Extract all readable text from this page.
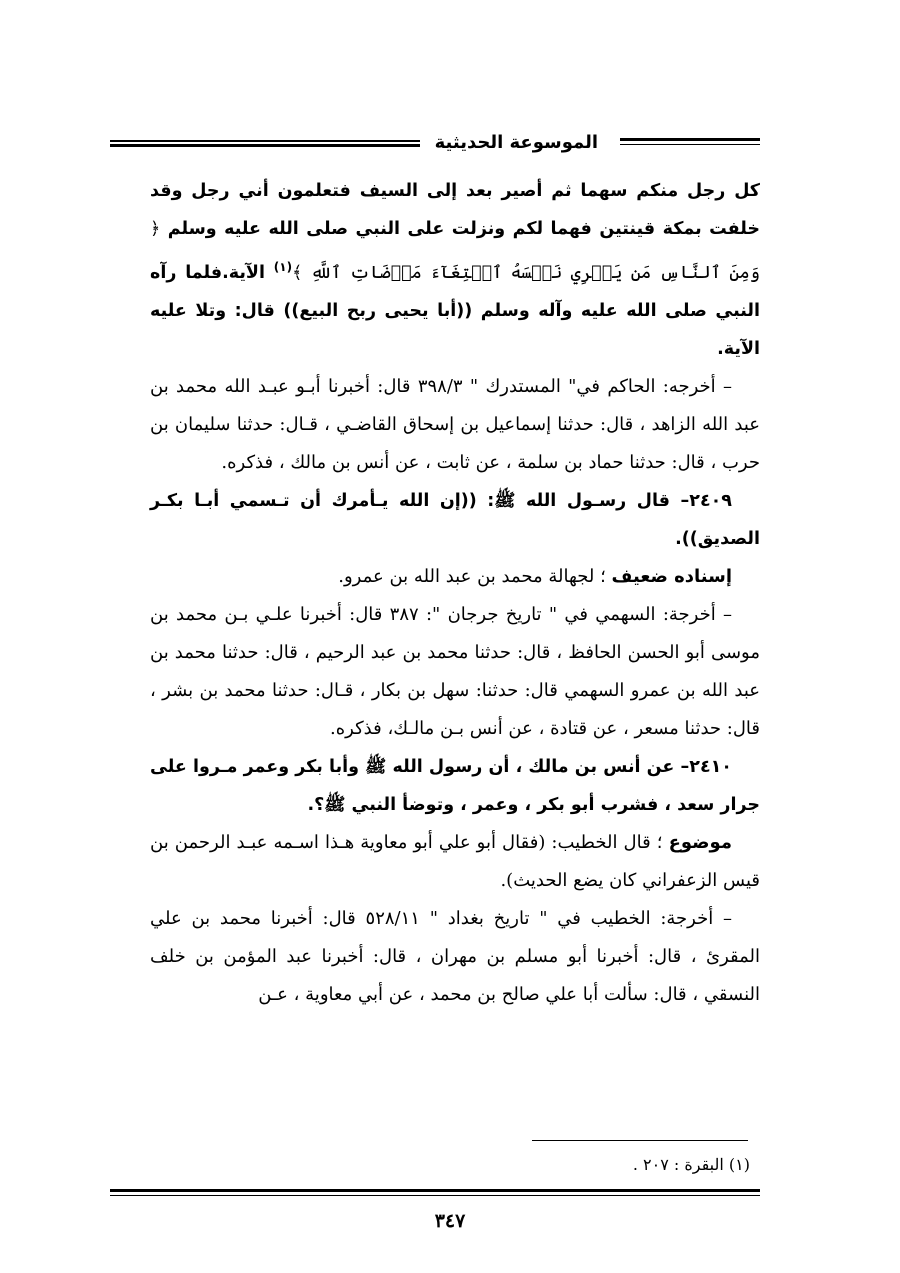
الموسوعة الحديثية

كل رجل منكم سهما ثم أصير بعد إلى السيف فتعلمون أني رجل وقد خلفت بمكة قينتين فهما لكم ونزلت على النبي صلى الله عليه وسلم ﴿ وَمِنَ ٱلنَّاسِ مَن يَشۡرِي نَفۡسَهُ ٱبۡتِغَآءَ مَرۡضَاتِ ٱللَّهِ ﴾$^{(١)}$ الآية.فلما رآه النبي صلى الله عليه وآله وسلم ((أبا يحيى ربح البيع)) قال: وتلا عليه الآية.

– أخرجه: الحاكم في" المستدرك " ٣٩٨/٣ قال: أخبرنا أبـو عبـد الله محمد بن عبد الله الزاهد ، قال: حدثنا إسماعيل بن إسحاق القاضـي ، قـال: حدثنا سليمان بن حرب ، قال: حدثنا حماد بن سلمة ، عن ثابت ، عن أنس بن مالك ، فذكره.

٢٤٠٩– قال رسـول الله ﷺ: ((إن الله يـأمرك أن تـسمي أبـا بكـر الصديق)).

إسناده ضعيف ؛ لجهالة محمد بن عبد الله بن عمرو.

– أخرجة: السهمي في " تاريخ جرجان ": ٣٨٧ قال: أخبرنا علـي بـن محمد بن موسى أبو الحسن الحافظ ، قال: حدثنا محمد بن عبد الرحيم ، قال: حدثنا محمد بن عبد الله بن عمرو السهمي قال: حدثنا: سهل بن بكار ، قـال: حدثنا محمد بن بشر ، قال: حدثنا مسعر ، عن قتادة ، عن أنس بـن مالـك، فذكره.

٢٤١٠– عن أنس بن مالك ، أن رسول الله ﷺ وأبا بكر وعمر مـروا على جرار سعد ، فشرب أبو بكر ، وعمر ، وتوضأ النبي ﷺ؟.

موضوع ؛ قال الخطيب: (فقال أبو علي أبو معاوية هـذا اسـمه عبـد الرحمن بن قيس الزعفراني كان يضع الحديث).

– أخرجة: الخطيب في " تاريخ بغداد " ٥٢٨/١١ قال: أخبرنا محمد بن علي المقرئ ، قال: أخبرنا أبو مسلم بن مهران ، قال: أخبرنا عبد المؤمن بن خلف النسقي ، قال: سألت أبا علي صالح بن محمد ، عن أبي معاوية ، عـن

(١) البقرة : ٢٠٧ .
٣٤٧
